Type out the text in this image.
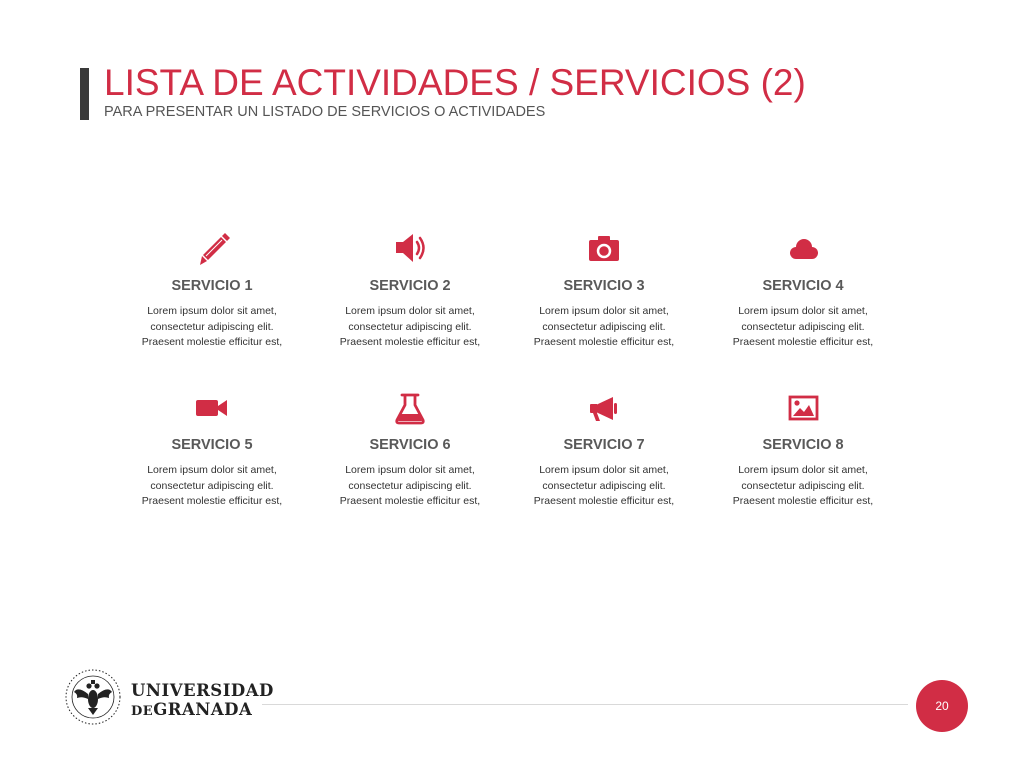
LISTA DE ACTIVIDADES / SERVICIOS (2)

PARA PRESENTAR UN LISTADO DE SERVICIOS O ACTIVIDADES

SERVICIO 1

Lorem ipsum dolor sit amet,
consectetur adipiscing elit.
Praesent molestie efficitur est,

SERVICIO 2

Lorem ipsum dolor sit amet,
consectetur adipiscing elit.
Praesent molestie efficitur est,

SERVICIO 3

Lorem ipsum dolor sit amet,
consectetur adipiscing elit.
Praesent molestie efficitur est,

SERVICIO 4

Lorem ipsum dolor sit amet,
consectetur adipiscing elit.
Praesent molestie efficitur est,

SERVICIO 5

Lorem ipsum dolor sit amet,
consectetur adipiscing elit.
Praesent molestie efficitur est,

SERVICIO 6

Lorem ipsum dolor sit amet,
consectetur adipiscing elit.
Praesent molestie efficitur est,

SERVICIO 7

Lorem ipsum dolor sit amet,
consectetur adipiscing elit.
Praesent molestie efficitur est,

SERVICIO 8

Lorem ipsum dolor sit amet,
consectetur adipiscing elit.
Praesent molestie efficitur est,

UNIVERSIDAD
DEGRANADA	20
